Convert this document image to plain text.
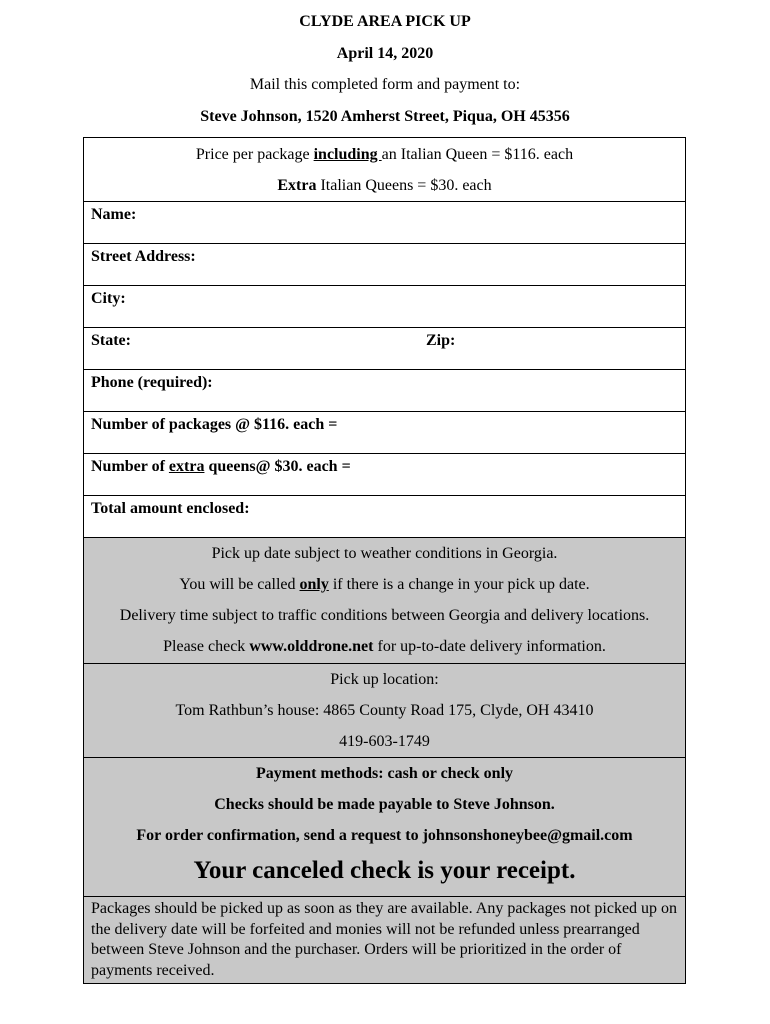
CLYDE AREA PICK UP
April 14, 2020
Mail this completed form and payment to:
Steve Johnson, 1520 Amherst Street, Piqua, OH 45356
Price per package including an Italian Queen = $116. each
Extra Italian Queens = $30. each
Name:
Street Address:
City:
State:	Zip:
Phone (required):
Number of packages @ $116. each =
Number of extra queens@ $30. each =
Total amount enclosed:
Pick up date subject to weather conditions in Georgia.
You will be called only if there is a change in your pick up date.
Delivery time subject to traffic conditions between Georgia and delivery locations.
Please check www.olddrone.net for up-to-date delivery information.
Pick up location:
Tom Rathbun’s house: 4865 County Road 175, Clyde, OH 43410
419-603-1749
Payment methods: cash or check only
Checks should be made payable to Steve Johnson.
For order confirmation, send a request to johnsonshoneybee@gmail.com
Your canceled check is your receipt.
Packages should be picked up as soon as they are available. Any packages not picked up on the delivery date will be forfeited and monies will not be refunded unless prearranged between Steve Johnson and the purchaser. Orders will be prioritized in the order of payments received.
